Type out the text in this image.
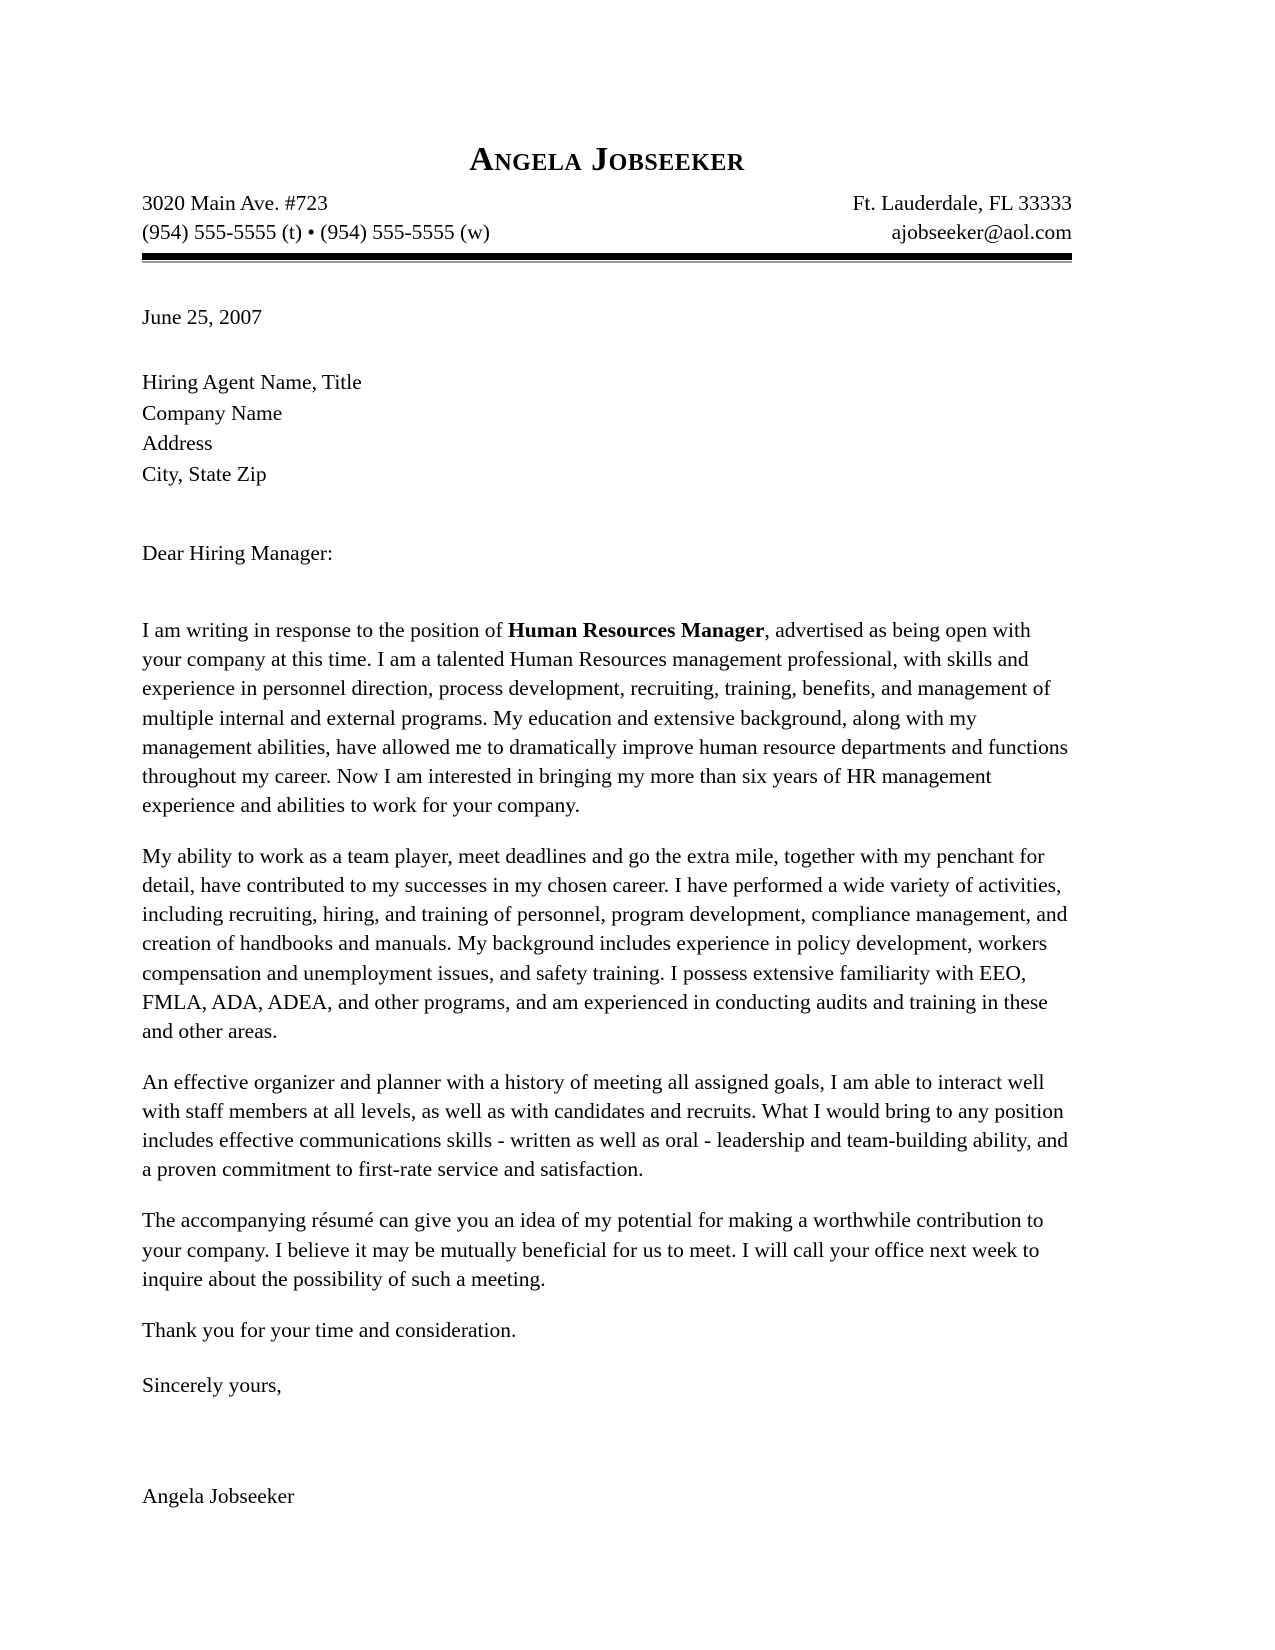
Angela Jobseeker
3020 Main Ave. #723	Ft. Lauderdale, FL 33333
(954) 555-5555 (t) • (954) 555-5555 (w)	ajobseeker@aol.com
June 25, 2007
Hiring Agent Name, Title
Company Name
Address
City, State Zip
Dear Hiring Manager:

I am writing in response to the position of Human Resources Manager, advertised as being open with your company at this time. I am a talented Human Resources management professional, with skills and experience in personnel direction, process development, recruiting, training, benefits, and management of multiple internal and external programs. My education and extensive background, along with my management abilities, have allowed me to dramatically improve human resource departments and functions throughout my career. Now I am interested in bringing my more than six years of HR management experience and abilities to work for your company.

My ability to work as a team player, meet deadlines and go the extra mile, together with my penchant for detail, have contributed to my successes in my chosen career. I have performed a wide variety of activities, including recruiting, hiring, and training of personnel, program development, compliance management, and creation of handbooks and manuals. My background includes experience in policy development, workers compensation and unemployment issues, and safety training. I possess extensive familiarity with EEO, FMLA, ADA, ADEA, and other programs, and am experienced in conducting audits and training in these and other areas.

An effective organizer and planner with a history of meeting all assigned goals, I am able to interact well with staff members at all levels, as well as with candidates and recruits. What I would bring to any position includes effective communications skills - written as well as oral - leadership and team-building ability, and a proven commitment to first-rate service and satisfaction.

The accompanying résumé can give you an idea of my potential for making a worthwhile contribution to your company. I believe it may be mutually beneficial for us to meet. I will call your office next week to inquire about the possibility of such a meeting.

Thank you for your time and consideration.
Sincerely yours,
Angela Jobseeker
